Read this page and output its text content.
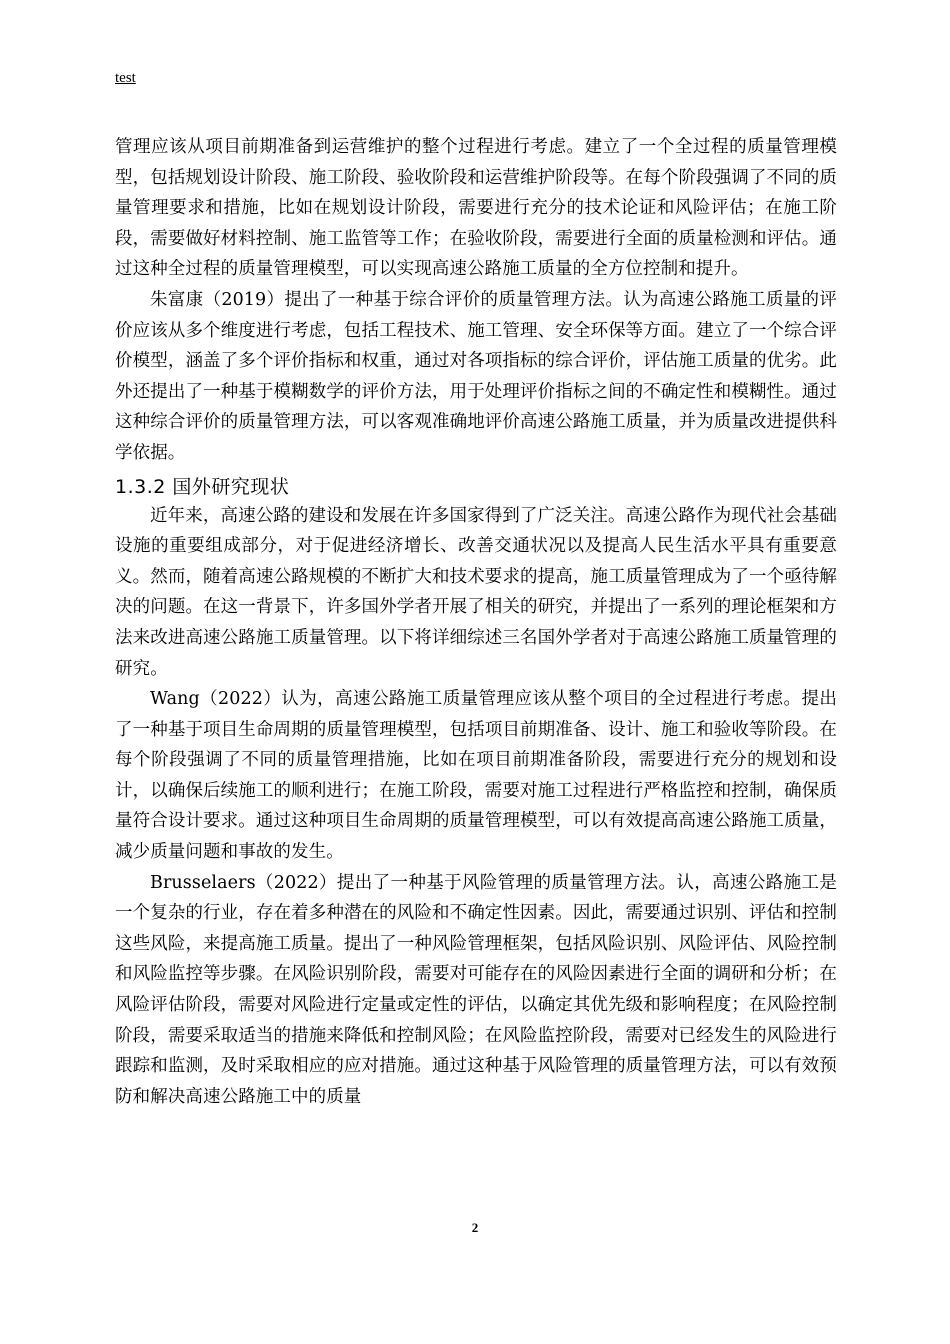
test

管理应该从项目前期准备到运营维护的整个过程进行考虑。建立了一个全过程的质量管理模型，包括规划设计阶段、施工阶段、验收阶段和运营维护阶段等。在每个阶段强调了不同的质量管理要求和措施，比如在规划设计阶段，需要进行充分的技术论证和风险评估；在施工阶段，需要做好材料控制、施工监管等工作；在验收阶段，需要进行全面的质量检测和评估。通过这种全过程的质量管理模型，可以实现高速公路施工质量的全方位控制和提升。

朱富康（2019）提出了一种基于综合评价的质量管理方法。认为高速公路施工质量的评价应该从多个维度进行考虑，包括工程技术、施工管理、安全环保等方面。建立了一个综合评价模型，涵盖了多个评价指标和权重，通过对各项指标的综合评价，评估施工质量的优劣。此外还提出了一种基于模糊数学的评价方法，用于处理评价指标之间的不确定性和模糊性。通过这种综合评价的质量管理方法，可以客观准确地评价高速公路施工质量，并为质量改进提供科学依据。

1.3.2 国外研究现状

近年来，高速公路的建设和发展在许多国家得到了广泛关注。高速公路作为现代社会基础设施的重要组成部分，对于促进经济增长、改善交通状况以及提高人民生活水平具有重要意义。然而，随着高速公路规模的不断扩大和技术要求的提高，施工质量管理成为了一个亟待解决的问题。在这一背景下，许多国外学者开展了相关的研究，并提出了一系列的理论框架和方法来改进高速公路施工质量管理。以下将详细综述三名国外学者对于高速公路施工质量管理的研究。

Wang（2022）认为，高速公路施工质量管理应该从整个项目的全过程进行考虑。提出了一种基于项目生命周期的质量管理模型，包括项目前期准备、设计、施工和验收等阶段。在每个阶段强调了不同的质量管理措施，比如在项目前期准备阶段，需要进行充分的规划和设计，以确保后续施工的顺利进行；在施工阶段，需要对施工过程进行严格监控和控制，确保质量符合设计要求。通过这种项目生命周期的质量管理模型，可以有效提高高速公路施工质量，减少质量问题和事故的发生。

Brusselaers（2022）提出了一种基于风险管理的质量管理方法。认，高速公路施工是一个复杂的行业，存在着多种潜在的风险和不确定性因素。因此，需要通过识别、评估和控制这些风险，来提高施工质量。提出了一种风险管理框架，包括风险识别、风险评估、风险控制和风险监控等步骤。在风险识别阶段，需要对可能存在的风险因素进行全面的调研和分析；在风险评估阶段，需要对风险进行定量或定性的评估，以确定其优先级和影响程度；在风险控制阶段，需要采取适当的措施来降低和控制风险；在风险监控阶段，需要对已经发生的风险进行跟踪和监测，及时采取相应的应对措施。通过这种基于风险管理的质量管理方法，可以有效预防和解决高速公路施工中的质量

2
